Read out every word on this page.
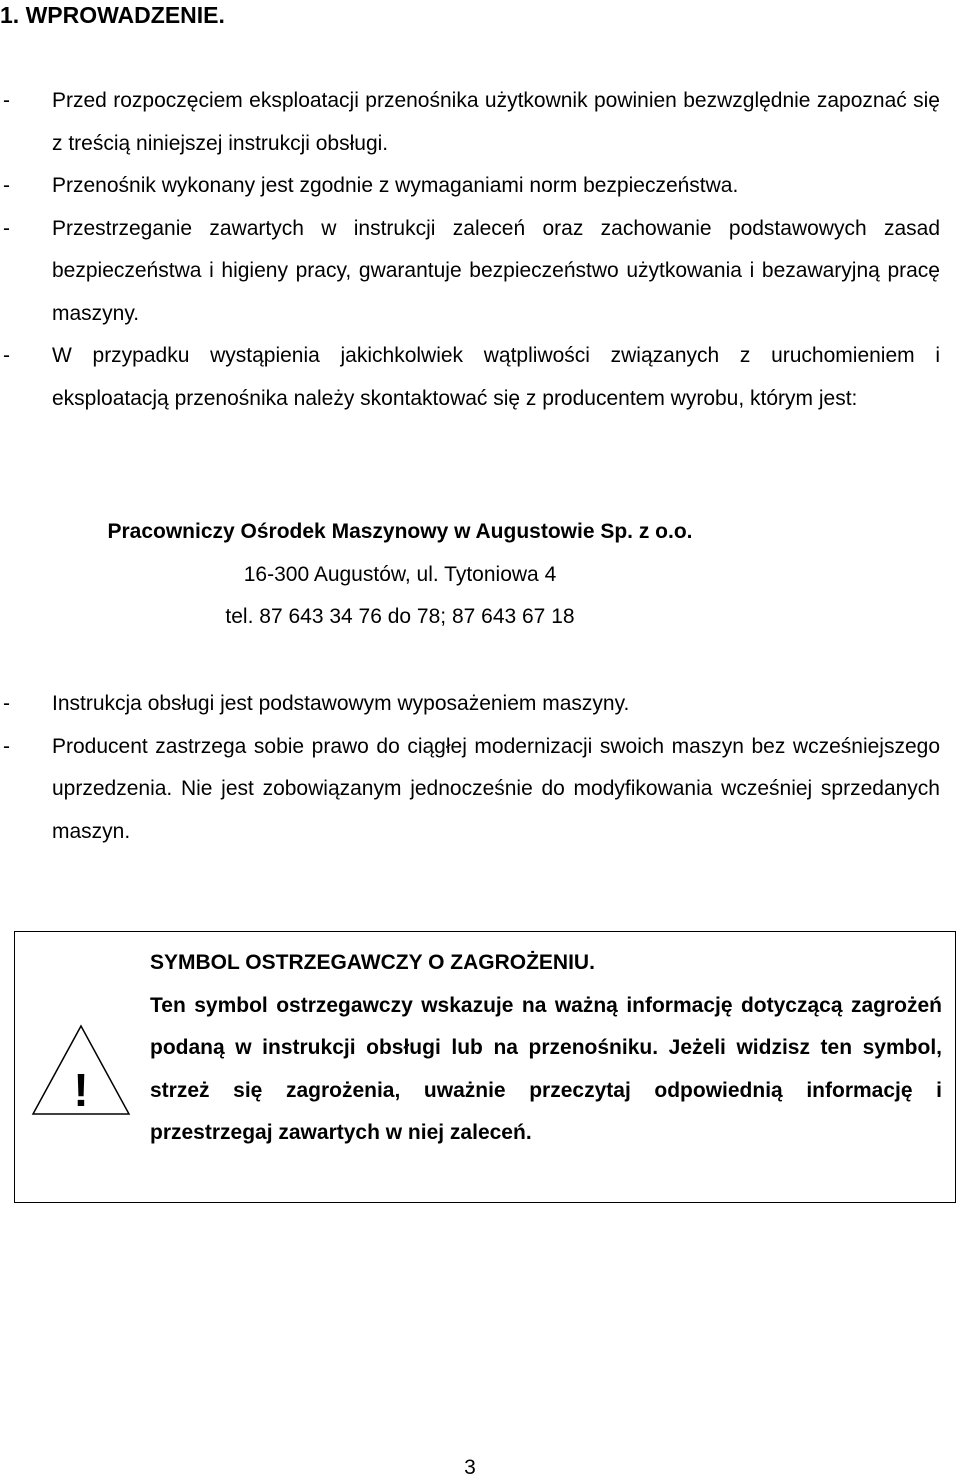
1. WPROWADZENIE.
- Przed rozpoczęciem eksploatacji przenośnika użytkownik powinien bezwzględnie zapoznać się z treścią niniejszej instrukcji obsługi.
- Przenośnik wykonany jest zgodnie z wymaganiami norm bezpieczeństwa.
- Przestrzeganie zawartych w instrukcji zaleceń oraz zachowanie podstawowych zasad bezpieczeństwa i higieny pracy, gwarantuje bezpieczeństwo użytkowania i bezawaryjną pracę maszyny.
- W przypadku wystąpienia jakichkolwiek wątpliwości związanych z uruchomieniem i eksploatacją przenośnika należy skontaktować się z producentem wyrobu, którym jest:
Pracowniczy Ośrodek Maszynowy w Augustowie Sp. z o.o.
16-300 Augustów, ul. Tytoniowa 4
tel. 87 643 34 76 do 78; 87 643 67 18
- Instrukcja obsługi jest podstawowym wyposażeniem maszyny.
- Producent zastrzega sobie prawo do ciągłej modernizacji swoich maszyn bez wcześniejszego uprzedzenia. Nie jest zobowiązanym jednocześnie do modyfikowania wcześniej sprzedanych maszyn.
!
SYMBOL OSTRZEGAWCZY O ZAGROŻENIU.
Ten symbol ostrzegawczy wskazuje na ważną informację dotyczącą zagrożeń podaną w instrukcji obsługi lub na przenośniku. Jeżeli widzisz ten symbol, strzeż się zagrożenia, uważnie przeczytaj odpowiednią informację i przestrzegaj zawartych w niej zaleceń.
3
